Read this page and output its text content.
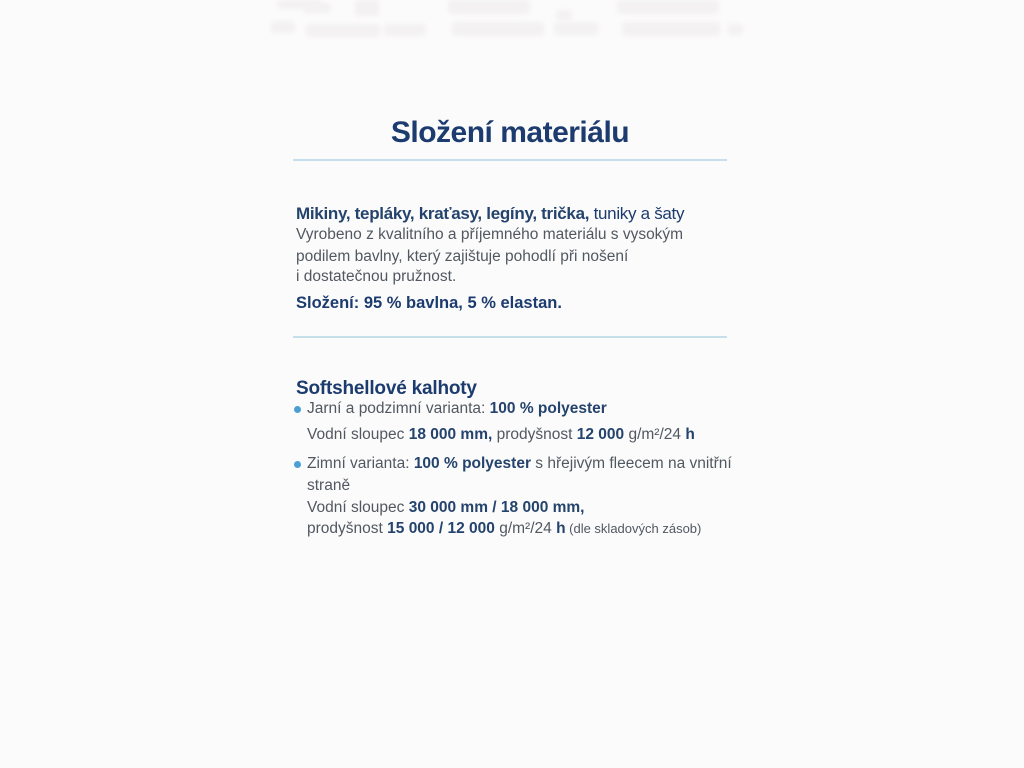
Složení materiálu
Mikiny, tepláky, kraťasy, legíny, trička, tuniky a šaty
Vyrobeno z kvalitního a příjemného materiálu s vysokým
podilem bavlny, který zajištuje pohodlí při nošení
i dostatečnou pružnost.
Složení: 95 % bavlna, 5 % elastan.
Softshellové kalhoty
Jarní a podzimní varianta: 100 % polyester
Vodní sloupec 18 000 mm, prodyšnost 12 000 g/m²/24 h
Zimní varianta: 100 % polyester s hřejivým fleecem na vnitřní
straně
Vodní sloupec 30 000 mm / 18 000 mm,
prodyšnost 15 000 / 12 000 g/m²/24 h (dle skladových zásob)
